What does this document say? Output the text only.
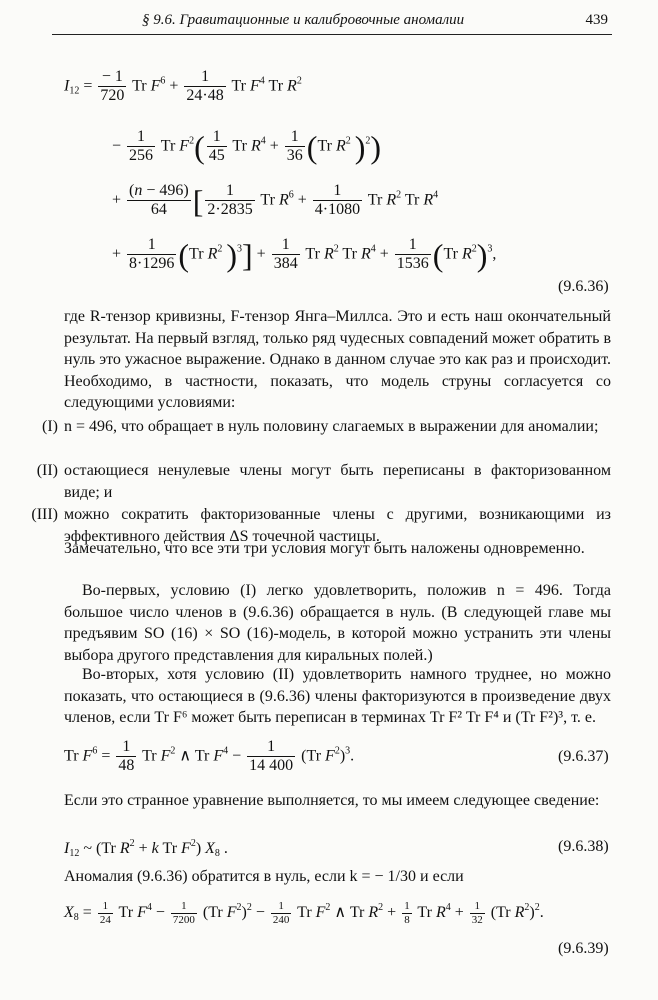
§ 9.6. Гравитационные и калибровочные аномалии	439
$I_{12} = \frac{- 1}{720}$ Tr $F^6 + \frac{1}{24\cdot 48}$ Tr $F^4$ Tr $R^2$
− $\frac{1}{256}$ Tr $F^2( \frac{1}{45}$ Tr $R^4 + \frac{1}{36} (Tr$ $R^2$ )$^2$)
+ $\frac{(n - 496)}{64}$ [ $\frac{1}{2\cdot 2835}$ Tr $R^6 + \frac{1}{4\cdot 1080}$ Tr $R^2$ Tr $R^4$
+ $\frac{1}{8\cdot 1296} (Tr$ $R^2$ )$^3] + \frac{1}{384}$ Tr $R^2$ Tr $R^4 + \frac{1}{1536} (Tr$ $R^2)^3$,
(9.6.36)
где R-тензор кривизны, F-тензор Янга–Миллса. Это и есть наш окончательный результат. На первый взгляд, только ряд чудесных совпадений может обратить в нуль это ужасное выражение. Однако в данном случае это как раз и происходит. Необходимо, в частности, показать, что модель струны согласуется со следующими условиями:
(I) n = 496, что обращает в нуль половину слагаемых в выражении для аномалии;
(II) остающиеся ненулевые члены могут быть переписаны в факторизованном виде; и
(III) можно сократить факторизованные члены с другими, возникающими из эффективного действия ΔS точечной частицы.
Замечательно, что все эти три условия могут быть наложены одновременно.
Во-первых, условию (I) легко удовлетворить, положив n = 496. Тогда большое число членов в (9.6.36) обращается в нуль. (В следующей главе мы предъявим SO (16) × SO (16)-модель, в которой можно устранить эти члены выбора другого представления для киральных полей.)
Во-вторых, хотя условию (II) удовлетворить намного труднее, но можно показать, что остающиеся в (9.6.36) члены факторизуются в произведение двух членов, если Tr F⁶ может быть переписан в терминах Tr F² Tr F⁴ и (Tr F²)³, т. е.
Tr $F^6 = \frac{1}{48}$ Tr $F^2$ ∧ Tr $F^4 - \frac{1}{14 400} (Tr$ $F^2)^3$.	(9.6.37)
Если это странное уравнение выполняется, то мы имеем следующее сведение:
$I_{12}$ ~ (Tr $R^2 + k$ Tr $F^2$) $X_8$ .	(9.6.38)
Аномалия (9.6.36) обратится в нуль, если k = − 1/30 и если
$X_8 = \frac{1}{24}$ Tr $F^4 - \frac{1}{7200} (Tr$ $F^2)^2 - \frac{1}{240}$ Tr $F^2$ ∧ Tr $R^2 + \frac{1}{8}$ Tr $R^4 + \frac{1}{32} (Tr$ $R^2)^2$.
(9.6.39)
